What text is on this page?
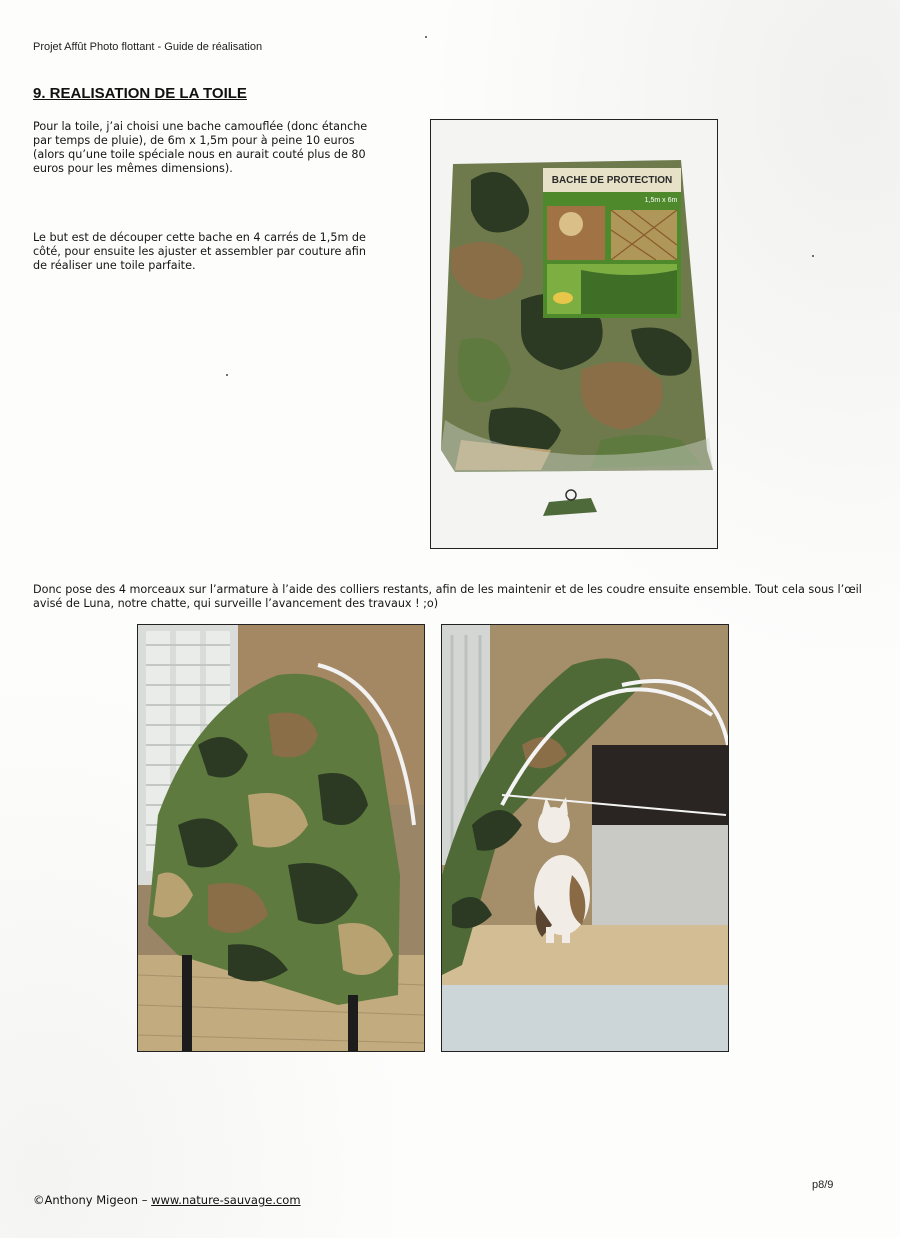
Projet Affût Photo flottant - Guide de réalisation
9. REALISATION DE LA TOILE

Pour la toile, j’ai choisi une bache camouflée (donc étanche par temps de pluie), de 6m x 1,5m pour à peine 10 euros (alors qu’une toile spéciale nous en aurait couté plus de 80 euros pour les mêmes dimensions).

Le but est de découper cette bache en 4 carrés de 1,5m de côté, pour ensuite les ajuster et assembler par couture afin de réaliser une toile parfaite.

BACHE DE PROTECTION
1,5m x 6m

Donc pose des 4 morceaux sur l’armature à l’aide des colliers restants, afin de les maintenir et de les coudre ensuite ensemble. Tout cela sous l’œil avisé de Luna, notre chatte, qui surveille l’avancement des travaux ! ;o)

p8/9
©Anthony Migeon – www.nature-sauvage.com
